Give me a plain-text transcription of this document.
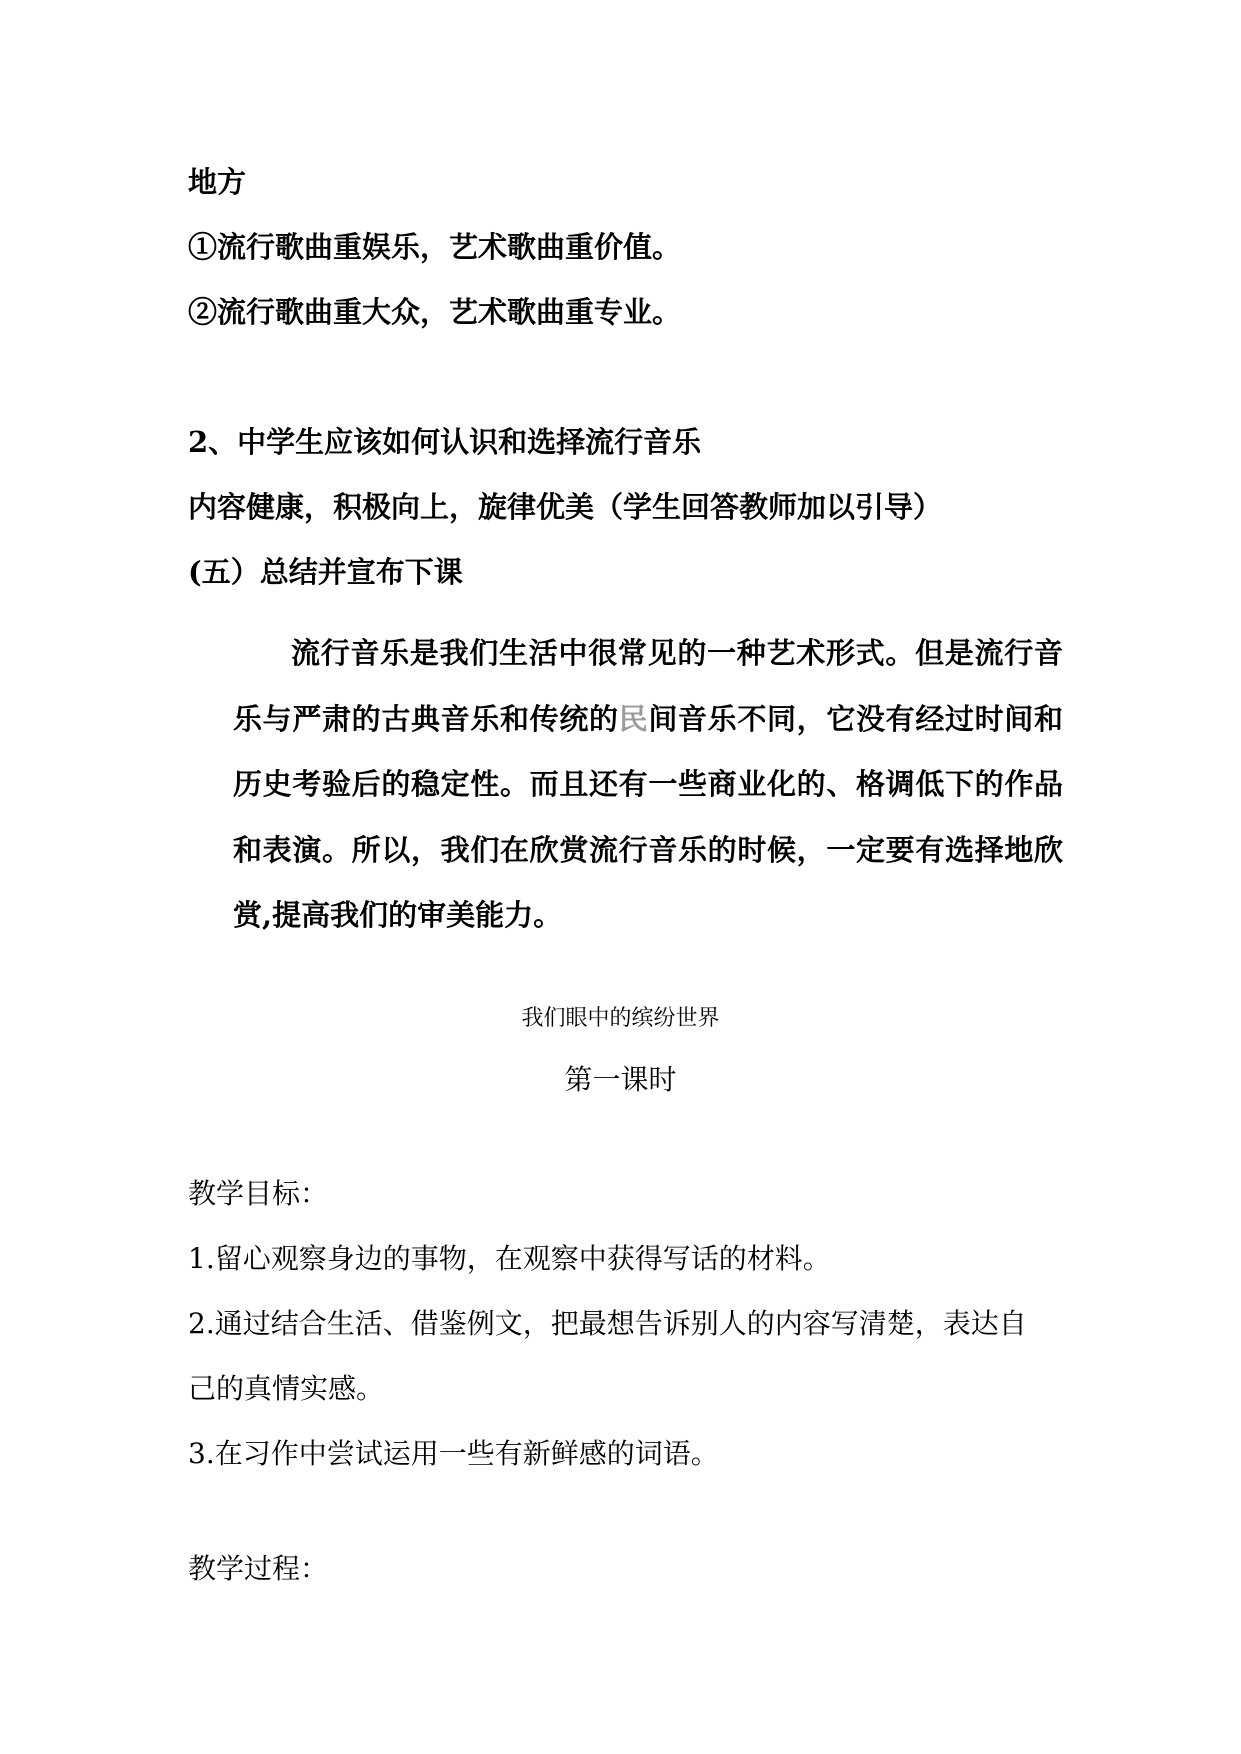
地方
①流行歌曲重娱乐，艺术歌曲重价值。
②流行歌曲重大众，艺术歌曲重专业。
2、中学生应该如何认识和选择流行音乐
内容健康，积极向上，旋律优美（学生回答教师加以引导）
(五）总结并宣布下课
流行音乐是我们生活中很常见的一种艺术形式。但是流行音乐与严肃的古典音乐和传统的民间音乐不同，它没有经过时间和历史考验后的稳定性。而且还有一些商业化的、格调低下的作品和表演。所以，我们在欣赏流行音乐的时候，一定要有选择地欣赏,提高我们的审美能力。
我们眼中的缤纷世界
第一课时
教学目标：
1.留心观察身边的事物，在观察中获得写话的材料。
2.通过结合生活、借鉴例文，把最想告诉别人的内容写清楚，表达自
己的真情实感。
3.在习作中尝试运用一些有新鲜感的词语。
教学过程：
